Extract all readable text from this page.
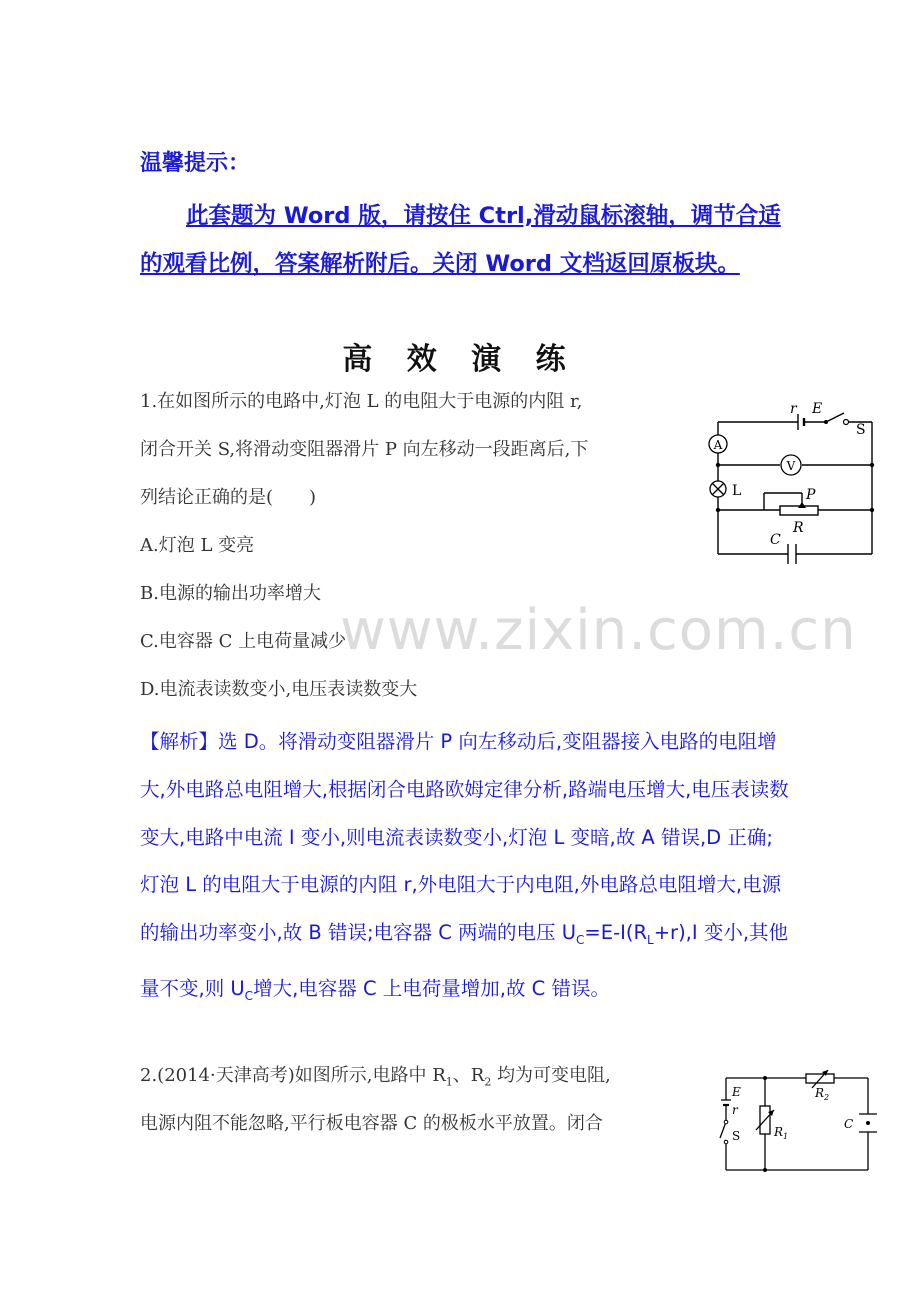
www.zixin.com.cn
温馨提示：
此套题为 Word 版，请按住 Ctrl,滑动鼠标滚轴，调节合适的观看比例，答案解析附后。关闭 Word 文档返回原板块。
高 效 演 练
1.在如图所示的电路中,灯泡 L 的电阻大于电源的内阻 r,
闭合开关 S,将滑动变阻器滑片 P 向左移动一段距离后,下
列结论正确的是(　　)
A.灯泡 L 变亮
B.电源的输出功率增大
C.电容器 C 上电荷量减少
D.电流表读数变小,电压表读数变大
A
V
r E
S
L	P
R
C
【解析】选 D。将滑动变阻器滑片 P 向左移动后,变阻器接入电路的电阻增大,外电路总电阻增大,根据闭合电路欧姆定律分析,路端电压增大,电压表读数变大,电路中电流 I 变小,则电流表读数变小,灯泡 L 变暗,故 A 错误,D 正确;灯泡 L 的电阻大于电源的内阻 r,外电阻大于内电阻,外电路总电阻增大,电源的输出功率变小,故 B 错误;电容器 C 两端的电压 $U_C=E-I(R_L+r),I$ 变小,其他量不变,则 $U_C$增大,电容器 C 上电荷量增加,故 C 错误。
2.(2014·天津高考)如图所示,电路中 $R_1$、$R_2$ 均为可变电阻,
电源内阻不能忽略,平行板电容器 C 的极板水平放置。闭合
E
r
S
$R_2$
$R_1$
C
